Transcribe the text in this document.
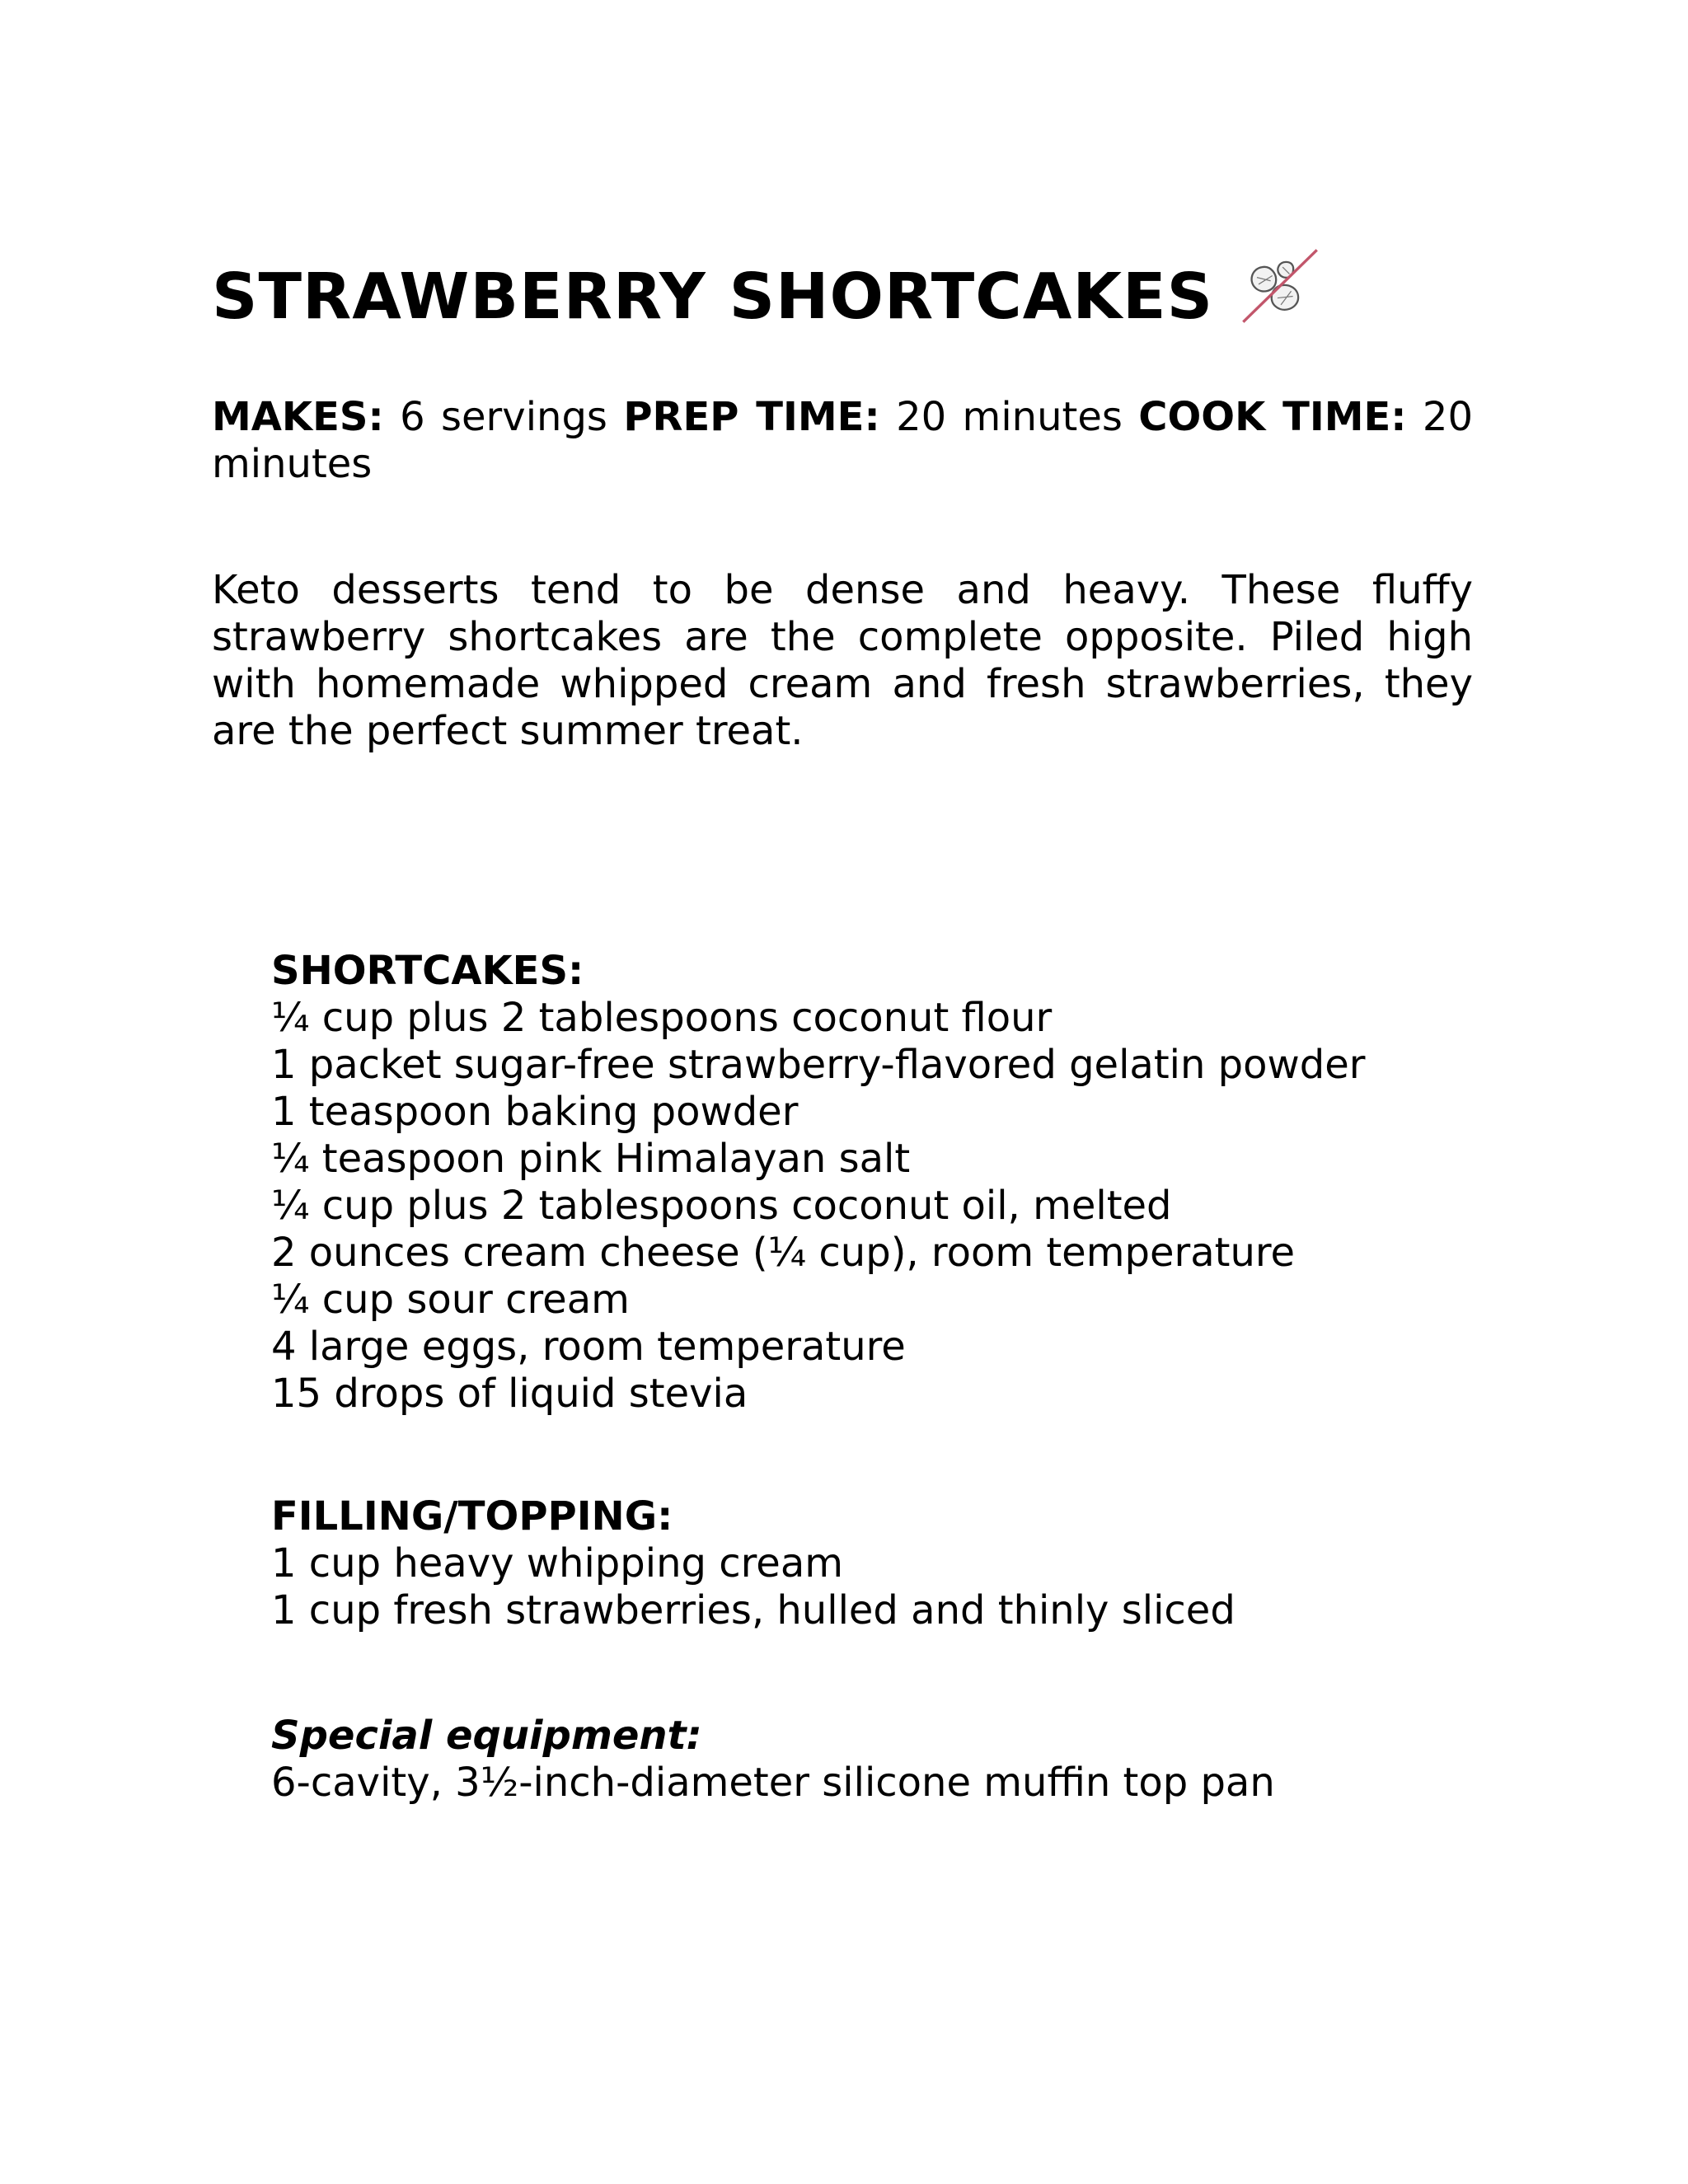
STRAWBERRY SHORTCAKES
MAKES: 6 servings PREP TIME: 20 minutes COOK TIME: 20 minutes
Keto desserts tend to be dense and heavy. These fluffy strawberry shortcakes are the complete opposite. Piled high with homemade whipped cream and fresh strawberries, they are the perfect summer treat.
SHORTCAKES:
¼ cup plus 2 tablespoons coconut flour
1 packet sugar-free strawberry-flavored gelatin powder
1 teaspoon baking powder
¼ teaspoon pink Himalayan salt
¼ cup plus 2 tablespoons coconut oil, melted
2 ounces cream cheese (¼ cup), room temperature
¼ cup sour cream
4 large eggs, room temperature
15 drops of liquid stevia
FILLING/TOPPING:
1 cup heavy whipping cream
1 cup fresh strawberries, hulled and thinly sliced
Special equipment:
6-cavity, 3½-inch-diameter silicone muffin top pan
